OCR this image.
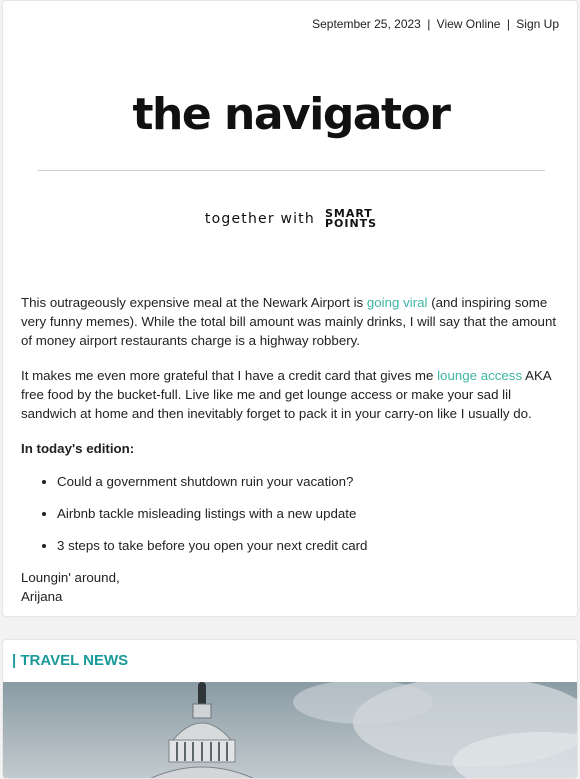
September 25, 2023 | View Online | Sign Up
the navigator
together with SMART
POINTS

This outrageously expensive meal at the Newark Airport is going viral (and inspiring some very funny memes). While the total bill amount was mainly drinks, I will say that the amount of money airport restaurants charge is a highway robbery.

It makes me even more grateful that I have a credit card that gives me lounge access AKA free food by the bucket-full. Live like me and get lounge access or make your sad lil sandwich at home and then inevitably forget to pack it in your carry-on like I usually do.

In today's edition:

• Could a government shutdown ruin your vacation?
• Airbnb tackle misleading listings with a new update
• 3 steps to take before you open your next credit card

Loungin' around,
Arijana

| TRAVEL NEWS
